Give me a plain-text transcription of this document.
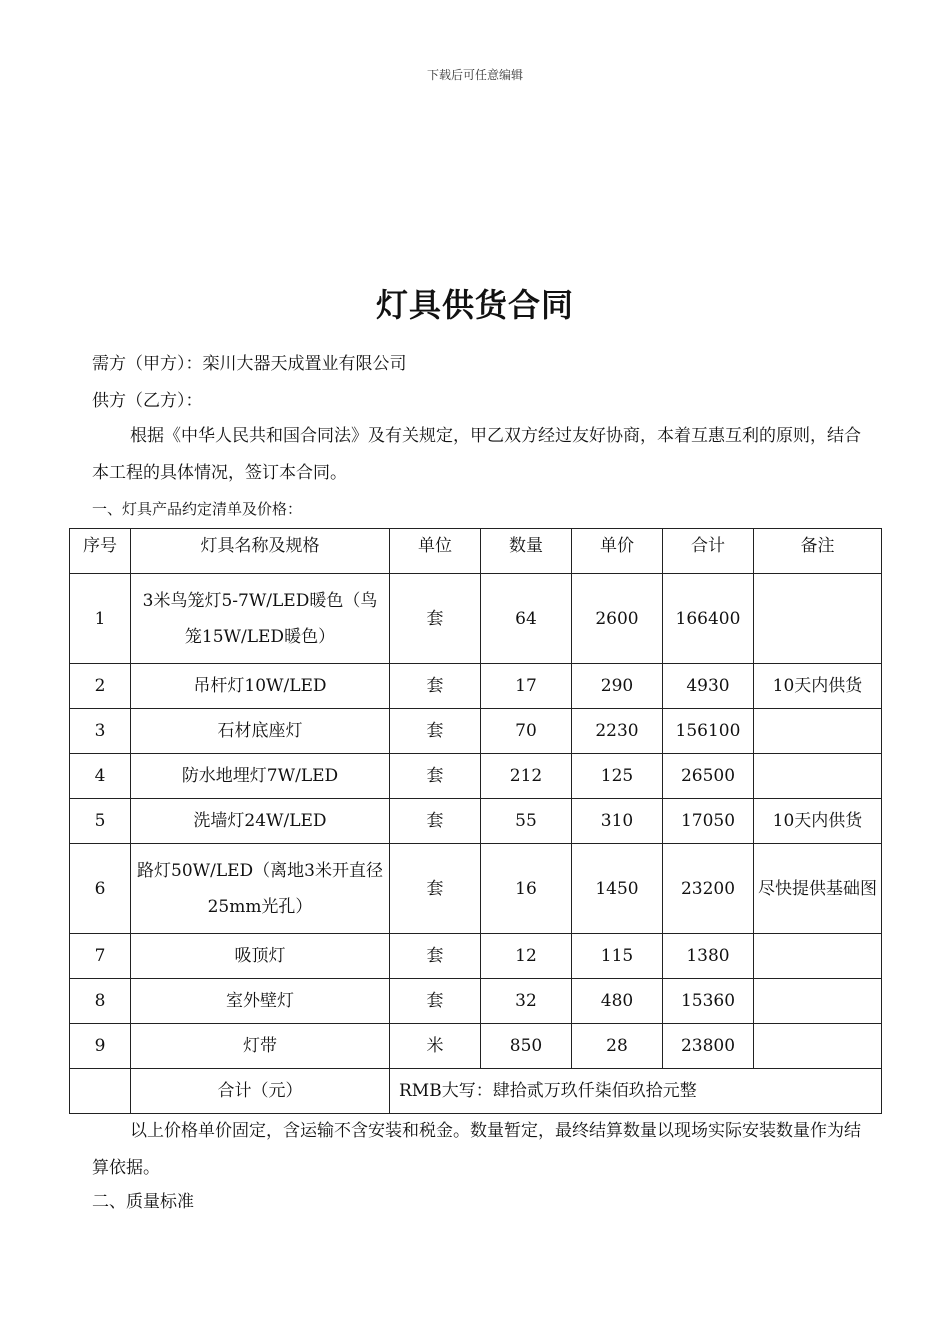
下载后可任意编辑
灯具供货合同
需方（甲方）：栾川大器天成置业有限公司
供方（乙方）：
根据《中华人民共和国合同法》及有关规定，甲乙双方经过友好协商，本着互惠互利的原则，结合本工程的具体情况，签订本合同。
一、灯具产品约定清单及价格：
序号	灯具名称及规格	单位	数量	单价	合计	备注
1	3米鸟笼灯5-7W/LED暖色（鸟笼15W/LED暖色）	套	64	2600	166400	
2	吊杆灯10W/LED	套	17	290	4930	10天内供货
3	石材底座灯	套	70	2230	156100	
4	防水地埋灯7W/LED	套	212	125	26500	
5	洗墙灯24W/LED	套	55	310	17050	10天内供货
6	路灯50W/LED（离地3米开直径25mm光孔）	套	16	1450	23200	尽快提供基础图
7	吸顶灯	套	12	115	1380	
8	室外壁灯	套	32	480	15360	
9	灯带	米	850	28	23800	
	合计（元）	RMB大写：肆拾贰万玖仟柒佰玖拾元整				
以上价格单价固定，含运输不含安装和税金。数量暂定，最终结算数量以现场实际安装数量作为结算依据。
二、质量标准
